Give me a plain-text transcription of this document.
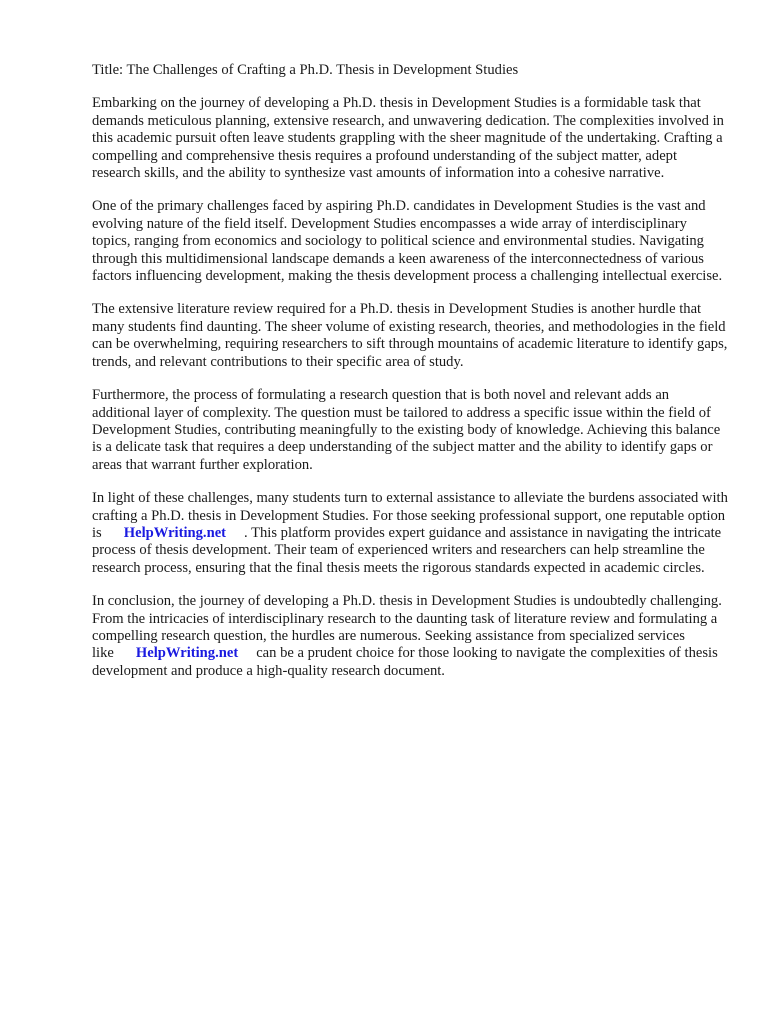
Title: The Challenges of Crafting a Ph.D. Thesis in Development Studies

Embarking on the journey of developing a Ph.D. thesis in Development Studies is a formidable task that demands meticulous planning, extensive research, and unwavering dedication. The complexities involved in this academic pursuit often leave students grappling with the sheer magnitude of the undertaking. Crafting a compelling and comprehensive thesis requires a profound understanding of the subject matter, adept research skills, and the ability to synthesize vast amounts of information into a cohesive narrative.

One of the primary challenges faced by aspiring Ph.D. candidates in Development Studies is the vast and evolving nature of the field itself. Development Studies encompasses a wide array of interdisciplinary topics, ranging from economics and sociology to political science and environmental studies. Navigating through this multidimensional landscape demands a keen awareness of the interconnectedness of various factors influencing development, making the thesis development process a challenging intellectual exercise.

The extensive literature review required for a Ph.D. thesis in Development Studies is another hurdle that many students find daunting. The sheer volume of existing research, theories, and methodologies in the field can be overwhelming, requiring researchers to sift through mountains of academic literature to identify gaps, trends, and relevant contributions to their specific area of study.

Furthermore, the process of formulating a research question that is both novel and relevant adds an additional layer of complexity. The question must be tailored to address a specific issue within the field of Development Studies, contributing meaningfully to the existing body of knowledge. Achieving this balance is a delicate task that requires a deep understanding of the subject matter and the ability to identify gaps or areas that warrant further exploration.

In light of these challenges, many students turn to external assistance to alleviate the burdens associated with crafting a Ph.D. thesis in Development Studies. For those seeking professional support, one reputable option is HelpWriting.net . This platform provides expert guidance and assistance in navigating the intricate process of thesis development. Their team of experienced writers and researchers can help streamline the research process, ensuring that the final thesis meets the rigorous standards expected in academic circles.

In conclusion, the journey of developing a Ph.D. thesis in Development Studies is undoubtedly challenging. From the intricacies of interdisciplinary research to the daunting task of literature review and formulating a compelling research question, the hurdles are numerous. Seeking assistance from specialized services like HelpWriting.net can be a prudent choice for those looking to navigate the complexities of thesis development and produce a high-quality research document.
